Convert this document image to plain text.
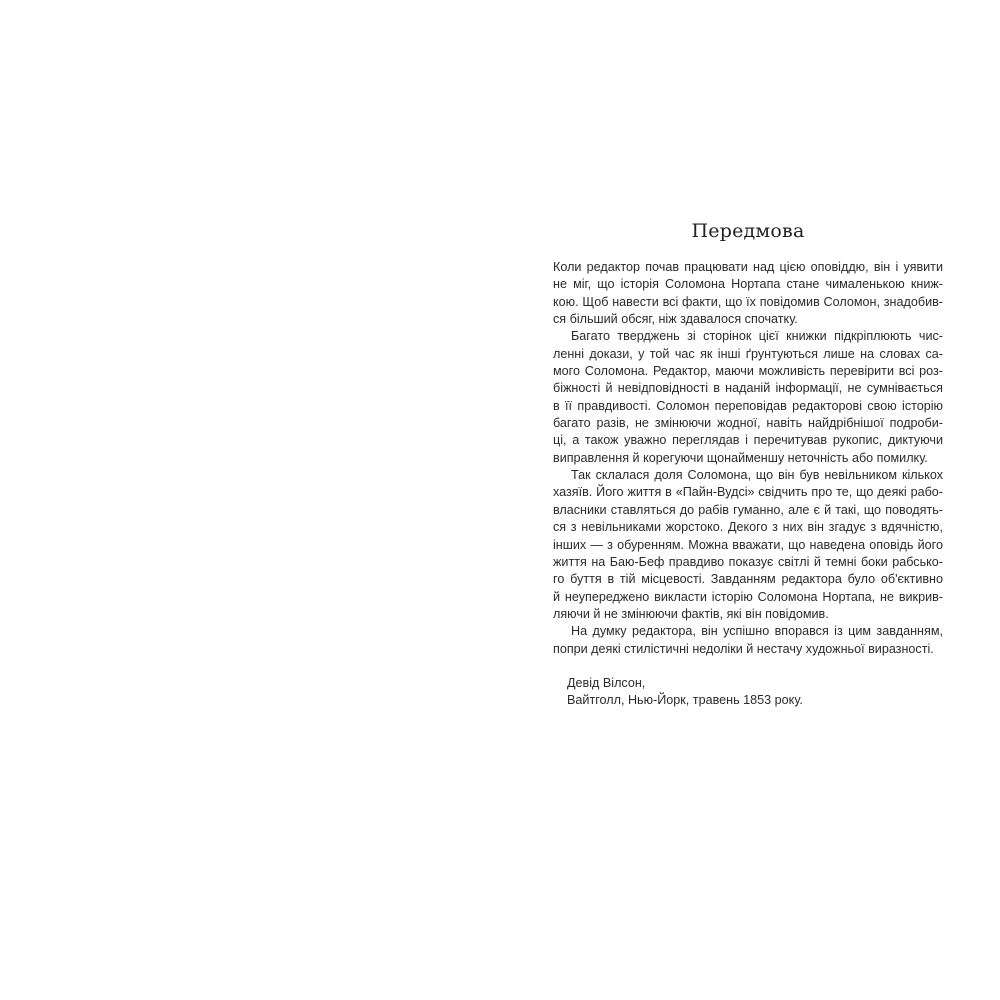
Передмова

Коли редактор почав працювати над цією оповіддю, він і уявити
не міг, що історія Соломона Нортапа стане чималенькою книж-
кою. Щоб навести всі факти, що їх повідомив Соломон, знадобив-
ся більший обсяг, ніж здавалося спочатку.

Багато тверджень зі сторінок цієї книжки підкріплюють чис-
ленні докази, у той час як інші ґрунтуються лише на словах са-
мого Соломона. Редактор, маючи можливість перевірити всі роз-
біжності й невідповідності в наданій інформації, не сумнівається
в її правдивості. Соломон переповідав редакторові свою історію
багато разів, не змінюючи жодної, навіть найдрібнішої подроби-
ці, а також уважно переглядав і перечитував рукопис, диктуючи
виправлення й корегуючи щонайменшу неточність або помилку.

Так склалася доля Соломона, що він був невільником кількох
хазяїв. Його життя в «Пайн-Вудсі» свідчить про те, що деякі рабо-
власники ставляться до рабів гуманно, але є й такі, що поводять-
ся з невільниками жорстоко. Декого з них він згадує з вдячністю,
інших — з обуренням. Можна вважати, що наведена оповідь його
життя на Баю-Беф правдиво показує світлі й темні боки рабсько-
го буття в тій місцевості. Завданням редактора було об'єктивно
й неупереджено викласти історію Соломона Нортапа, не викрив-
ляючи й не змінюючи фактів, які він повідомив.

На думку редактора, він успішно впорався із цим завданням,
попри деякі стилістичні недоліки й нестачу художньої виразності.

Девід Вілсон,
Вайтголл, Нью-Йорк, травень 1853 року.
